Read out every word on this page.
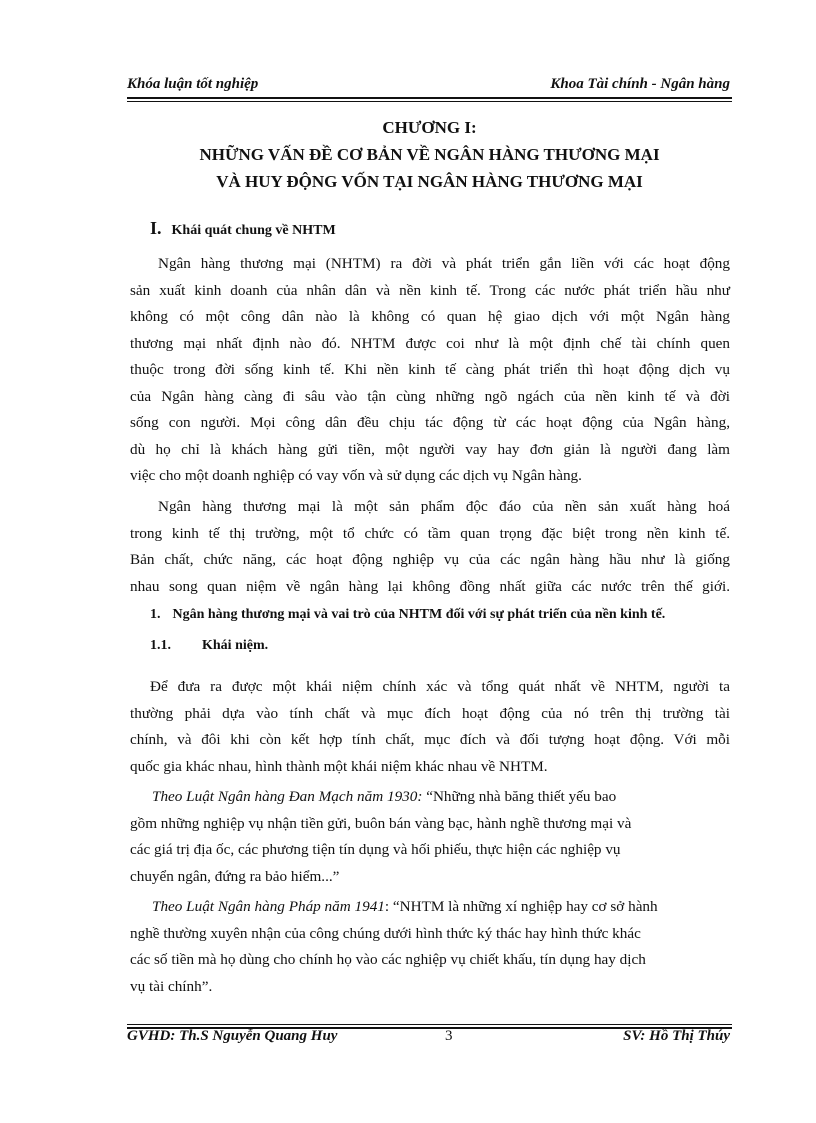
Khóa luận tốt nghiệp	Khoa Tài chính - Ngân hàng
CHƯƠNG I:
NHỮNG VẤN ĐỀ CƠ BẢN VỀ NGÂN HÀNG THƯƠNG MẠI
VÀ HUY ĐỘNG VỐN TẠI NGÂN HÀNG THƯƠNG MẠI
I. Khái quát chung về NHTM
Ngân hàng thương mại (NHTM) ra đời và phát triển gắn liền với các hoạt động
sản xuất kinh doanh của nhân dân và nền kinh tế. Trong các nước phát triển hầu như
không có một công dân nào là không có quan hệ giao dịch với một Ngân hàng
thương mại nhất định nào đó. NHTM được coi như là một định chế tài chính quen
thuộc trong đời sống kinh tế. Khi nền kinh tế càng phát triển thì hoạt động dịch vụ
của Ngân hàng càng đi sâu vào tận cùng những ngõ ngách của nền kinh tế và đời
sống con người. Mọi công dân đều chịu tác động từ các hoạt động của Ngân hàng,
dù họ chỉ là khách hàng gửi tiền, một người vay hay đơn giản là người đang làm
việc cho một doanh nghiệp có vay vốn và sử dụng các dịch vụ Ngân hàng.
Ngân hàng thương mại là một sản phẩm độc đáo của nền sản xuất hàng hoá
trong kinh tế thị trường, một tổ chức có tầm quan trọng đặc biệt trong nền kinh tế.
Bản chất, chức năng, các hoạt động nghiệp vụ của các ngân hàng hầu như là giống
nhau song quan niệm về ngân hàng lại không đồng nhất giữa các nước trên thế giới.
1. Ngân hàng thương mại và vai trò của NHTM đối với sự phát triển của nền kinh tế.
1.1. Khái niệm.
Để đưa ra được một khái niệm chính xác và tổng quát nhất về NHTM, người ta
thường phải dựa vào tính chất và mục đích hoạt động của nó trên thị trường tài
chính, và đôi khi còn kết hợp tính chất, mục đích và đối tượng hoạt động. Với mỗi
quốc gia khác nhau, hình thành một khái niệm khác nhau về NHTM.
Theo Luật Ngân hàng Đan Mạch năm 1930: “Những nhà băng thiết yếu bao
gồm những nghiệp vụ nhận tiền gửi, buôn bán vàng bạc, hành nghề thương mại và
các giá trị địa ốc, các phương tiện tín dụng và hối phiếu, thực hiện các nghiệp vụ
chuyển ngân, đứng ra bảo hiểm...”
Theo Luật Ngân hàng Pháp năm 1941: “NHTM là những xí nghiệp hay cơ sở hành
nghề thường xuyên nhận của công chúng dưới hình thức ký thác hay hình thức khác
các số tiền mà họ dùng cho chính họ vào các nghiệp vụ chiết khấu, tín dụng hay dịch
vụ tài chính”.
GVHD: Th.S Nguyễn Quang Huy	3	SV: Hồ Thị Thúy
